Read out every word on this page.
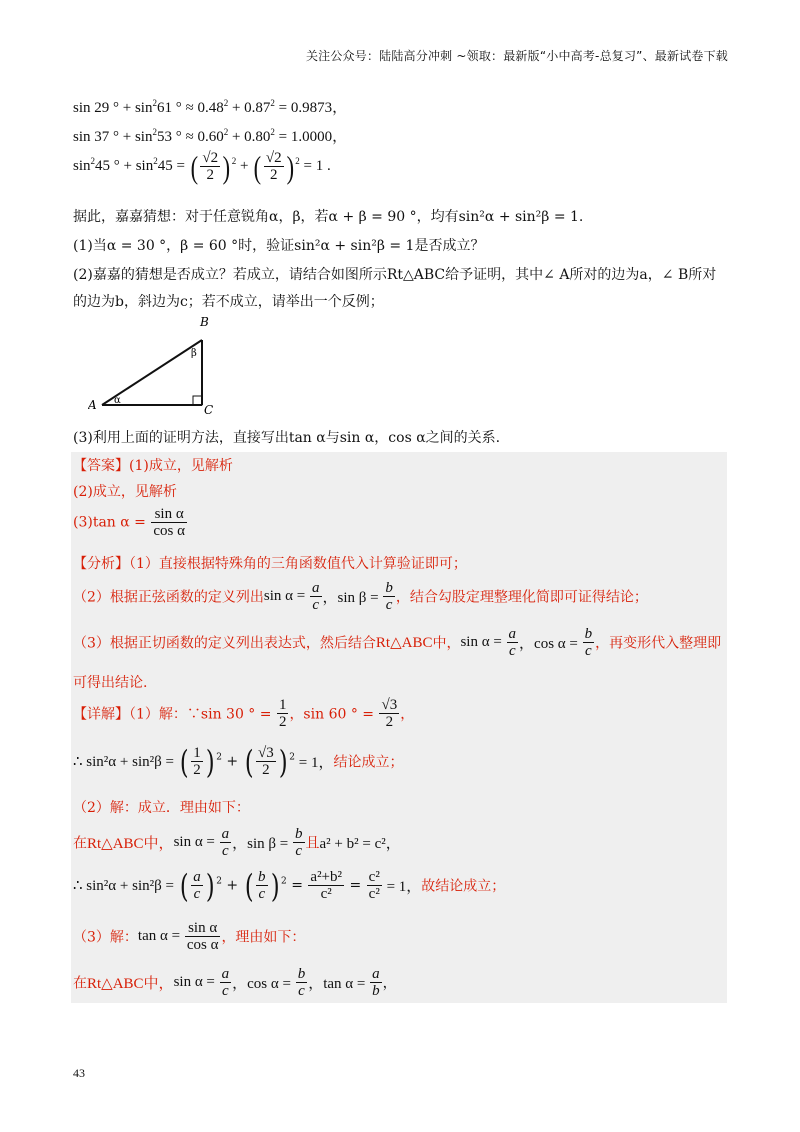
关注公众号：陆陆高分冲刺 ~领取：最新版“小中高考-总复习”、最新试卷下载
sin 29 ° + $\sin^261$ ° ≈ $0.48^2 + 0.87^2 = 0.9873$，
sin 37 ° + $\sin^253$ ° ≈ $0.60^2 + 0.80^2 = 1.0000$，
$\sin^245$ ° + $\sin^245$ = ( $\frac{√2}{2}$ ) $^2$ + ( $\frac{√2}{2}$ ) $^2$ = 1 .
据此，嘉嘉猜想：对于任意锐角α，β，若α + β = 90 °，均有sin²α + sin²β = 1.
(1)当α = 30 °，β = 60 °时，验证sin²α + sin²β = 1是否成立？
(2)嘉嘉的猜想是否成立？若成立，请结合如图所示Rt△ABC给予证明，其中∠ A所对的边为a，∠ B所对
的边为b，斜边为c；若不成立，请举出一个反例；
A
B
C
α
β
(3)利用上面的证明方法，直接写出tan α与sin α，cos α之间的关系.
【答案】(1)成立，见解析
(2)成立，见解析
(3)tan $\alpha = \frac{\text{sin α}}{\text{cos α}}$
【分析】（1）直接根据特殊角的三角函数值代入计算验证即可；
（2）根据正弦函数的定义列出$\sin \alpha = \frac{a}{c}$ ，$\sin \beta = \frac{b}{c}$ ，结合勾股定理整理化简即可证得结论；
（3）根据正切函数的定义列出表达式，然后结合Rt△ABC中，$\sin \alpha = \frac{a}{c}$ ，$\cos \alpha = \frac{b}{c}$ ，再变形代入整理即
可得出结论.
【详解】（1）解：∵sin 30 ° = $\frac{1}{2}$ ，sin 60 ° = $\frac{√3}{2}$ ，
∴ sin²α + sin²β = ( $\frac{1}{2}$ ) $^2$ + ( $\frac{√3}{2}$ ) $^2$ = 1，结论成立；
（2）解：成立．理由如下：
在Rt△ABC中，$\sin \alpha = \frac{a}{c}$ ，$\sin \beta = \frac{b}{c}$ 且a² + b² = c²，
∴ sin²α + sin²β = ( $\frac{a}{c}$ ) $^2$ + ( $\frac{b}{c}$ ) $^2 = \frac{\text{a²+b²}}{\text{c²}} = \frac{\text{c²}}{\text{c²}} = 1$，故结论成立；
（3）解：$\tan \alpha = \frac{\text{sin α}}{\text{cos α}}$ ，理由如下：
在Rt△ABC中，$\sin \alpha = \frac{a}{c}$ ，$\cos \alpha = \frac{b}{c}$ ，$\tan \alpha = \frac{a}{b}$ ，
43
